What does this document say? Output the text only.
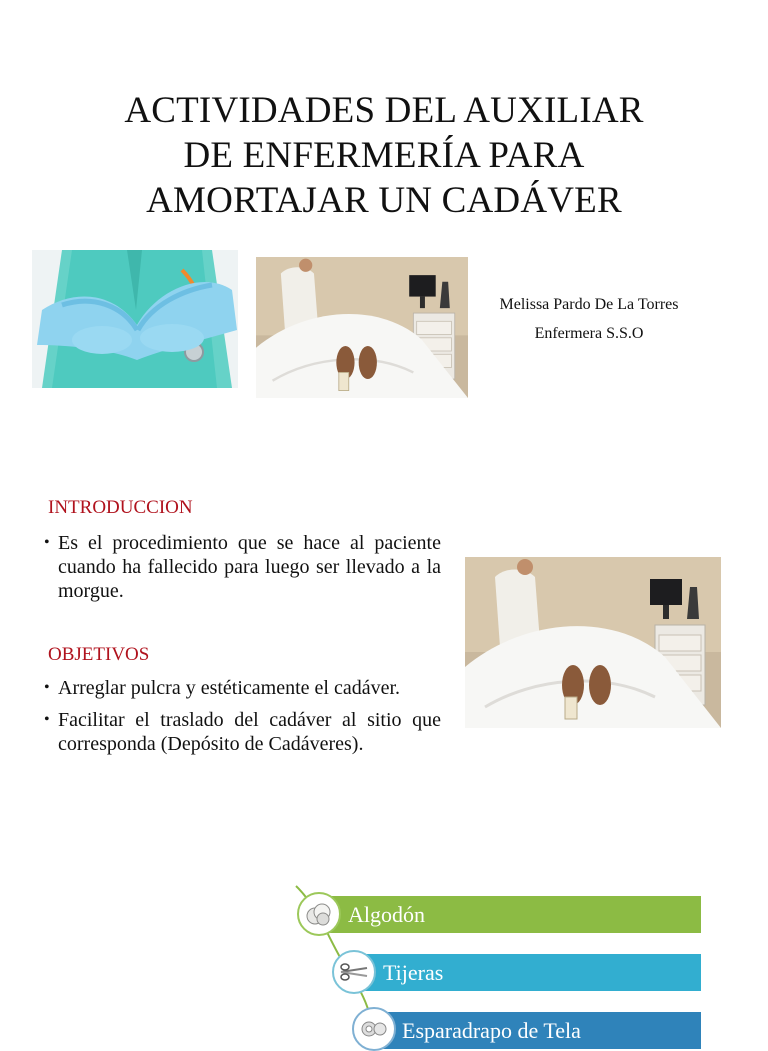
ACTIVIDADES DEL AUXILIAR
DE ENFERMERÍA PARA
AMORTAJAR UN CADÁVER
Melissa Pardo De La Torres
Enfermera S.S.O
INTRODUCCION
• Es el procedimiento que se hace al paciente cuando ha fallecido para luego ser llevado a la morgue.
OBJETIVOS
• Arreglar pulcra y estéticamente el cadáver.
• Facilitar el traslado del cadáver al sitio que corresponda (Depósito de Cadáveres).
Algodón
Tijeras
Esparadrapo de Tela
